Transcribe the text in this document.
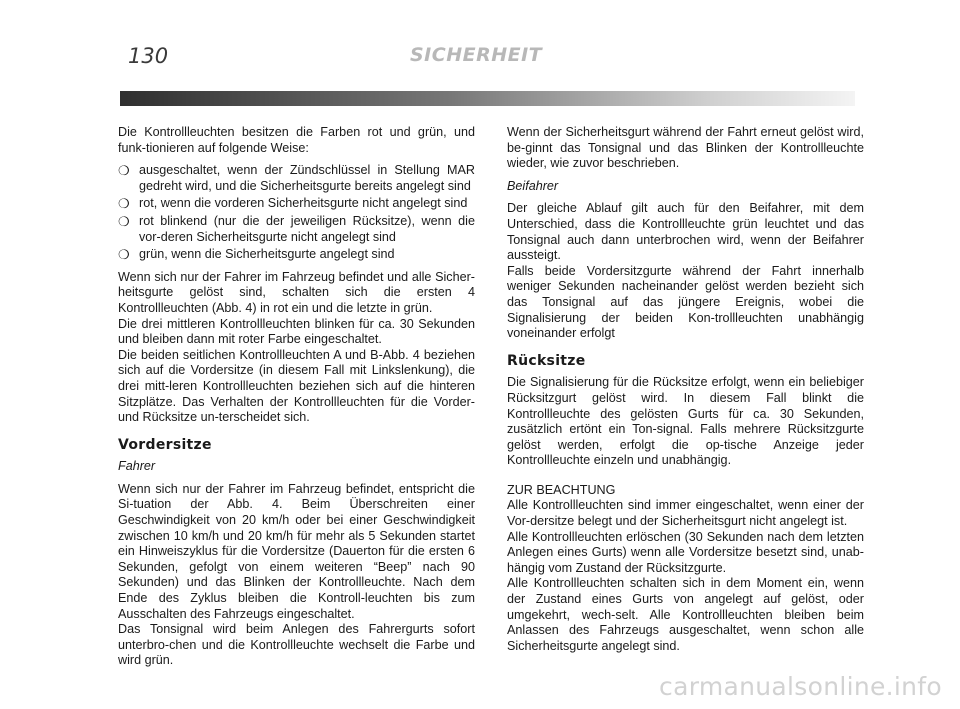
130	SICHERHEIT

Die Kontrollleuchten besitzen die Farben rot und grün, und funk-tionieren auf folgende Weise:

❍ ausgeschaltet, wenn der Zündschlüssel in Stellung MAR gedreht wird, und die Sicherheitsgurte bereits angelegt sind
❍ rot, wenn die vorderen Sicherheitsgurte nicht angelegt sind
❍ rot blinkend (nur die der jeweiligen Rücksitze), wenn die vor-deren Sicherheitsgurte nicht angelegt sind
❍ grün, wenn die Sicherheitsgurte angelegt sind

Wenn sich nur der Fahrer im Fahrzeug befindet und alle Sicher-heitsgurte gelöst sind, schalten sich die ersten 4 Kontrollleuchten (Abb. 4) in rot ein und die letzte in grün.

Die drei mittleren Kontrollleuchten blinken für ca. 30 Sekunden und bleiben dann mit roter Farbe eingeschaltet.

Die beiden seitlichen Kontrollleuchten A und B-Abb. 4 beziehen sich auf die Vordersitze (in diesem Fall mit Linkslenkung), die drei mitt-leren Kontrollleuchten beziehen sich auf die hinteren Sitzplätze. Das Verhalten der Kontrollleuchten für die Vorder- und Rücksitze un-terscheidet sich.

Vordersitze

Fahrer

Wenn sich nur der Fahrer im Fahrzeug befindet, entspricht die Si-tuation der Abb. 4. Beim Überschreiten einer Geschwindigkeit von 20 km/h oder bei einer Geschwindigkeit zwischen 10 km/h und 20 km/h für mehr als 5 Sekunden startet ein Hinweiszyklus für die Vordersitze (Dauerton für die ersten 6 Sekunden, gefolgt von einem weiteren “Beep” nach 90 Sekunden) und das Blinken der Kontrollleuchte. Nach dem Ende des Zyklus bleiben die Kontroll-leuchten bis zum Ausschalten des Fahrzeugs eingeschaltet.

Das Tonsignal wird beim Anlegen des Fahrergurts sofort unterbro-chen und die Kontrollleuchte wechselt die Farbe und wird grün.

Wenn der Sicherheitsgurt während der Fahrt erneut gelöst wird, be-ginnt das Tonsignal und das Blinken der Kontrollleuchte wieder, wie zuvor beschrieben.

Beifahrer

Der gleiche Ablauf gilt auch für den Beifahrer, mit dem Unterschied, dass die Kontrollleuchte grün leuchtet und das Tonsignal auch dann unterbrochen wird, wenn der Beifahrer aussteigt.

Falls beide Vordersitzgurte während der Fahrt innerhalb weniger Sekunden nacheinander gelöst werden bezieht sich das Tonsignal auf das jüngere Ereignis, wobei die Signalisierung der beiden Kon-trollleuchten unabhängig voneinander erfolgt

Rücksitze

Die Signalisierung für die Rücksitze erfolgt, wenn ein beliebiger Rücksitzgurt gelöst wird. In diesem Fall blinkt die Kontrollleuchte des gelösten Gurts für ca. 30 Sekunden, zusätzlich ertönt ein Ton-signal. Falls mehrere Rücksitzgurte gelöst werden, erfolgt die op-tische Anzeige jeder Kontrollleuchte einzeln und unabhängig.

ZUR BEACHTUNG

Alle Kontrollleuchten sind immer eingeschaltet, wenn einer der Vor-dersitze belegt und der Sicherheitsgurt nicht angelegt ist.

Alle Kontrollleuchten erlöschen (30 Sekunden nach dem letzten Anlegen eines Gurts) wenn alle Vordersitze besetzt sind, unab-hängig vom Zustand der Rücksitzgurte.

Alle Kontrollleuchten schalten sich in dem Moment ein, wenn der Zustand eines Gurts von angelegt auf gelöst, oder umgekehrt, wech-selt. Alle Kontrollleuchten bleiben beim Anlassen des Fahrzeugs ausgeschaltet, wenn schon alle Sicherheitsgurte angelegt sind.

carmanualsonline.info
